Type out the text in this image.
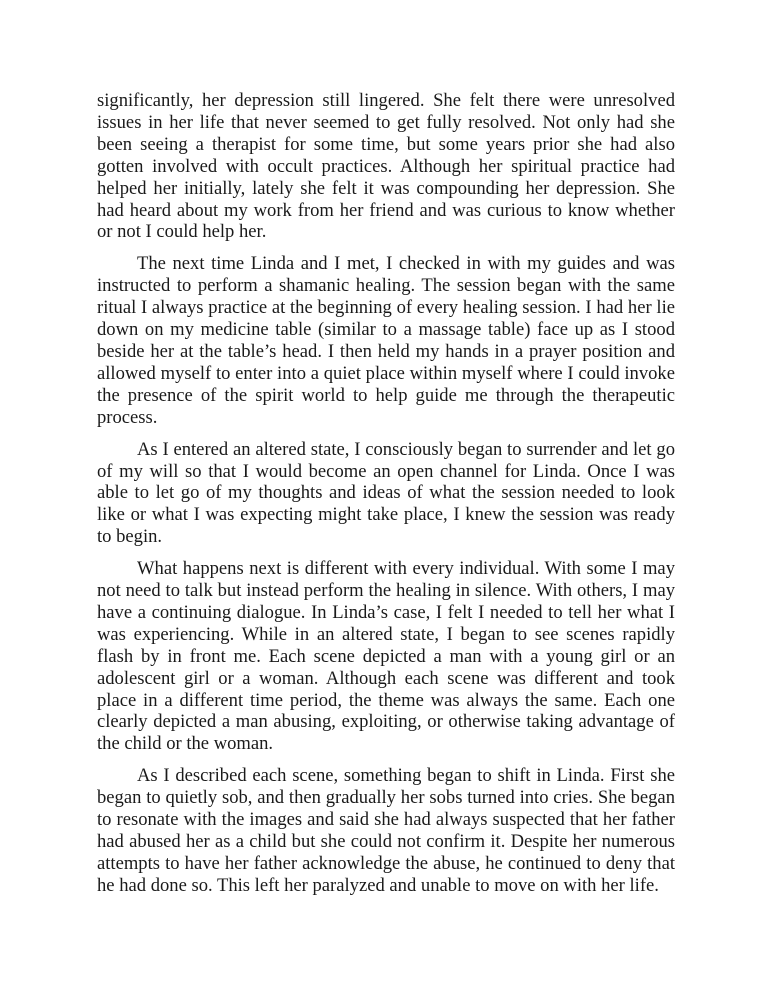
significantly, her depression still lingered. She felt there were unresolved issues in her life that never seemed to get fully resolved. Not only had she been seeing a therapist for some time, but some years prior she had also gotten involved with occult practices. Although her spiritual practice had helped her initially, lately she felt it was compounding her depression. She had heard about my work from her friend and was curious to know whether or not I could help her.

The next time Linda and I met, I checked in with my guides and was instructed to perform a shamanic healing. The session began with the same ritual I always practice at the beginning of every healing session. I had her lie down on my medicine table (similar to a massage table) face up as I stood beside her at the table’s head. I then held my hands in a prayer position and allowed myself to enter into a quiet place within myself where I could invoke the presence of the spirit world to help guide me through the therapeutic process.

As I entered an altered state, I consciously began to surrender and let go of my will so that I would become an open channel for Linda. Once I was able to let go of my thoughts and ideas of what the session needed to look like or what I was expecting might take place, I knew the session was ready to begin.

What happens next is different with every individual. With some I may not need to talk but instead perform the healing in silence. With others, I may have a continuing dialogue. In Linda’s case, I felt I needed to tell her what I was experiencing. While in an altered state, I began to see scenes rapidly flash by in front me. Each scene depicted a man with a young girl or an adolescent girl or a woman. Although each scene was different and took place in a different time period, the theme was always the same. Each one clearly depicted a man abusing, exploiting, or otherwise taking advantage of the child or the woman.

As I described each scene, something began to shift in Linda. First she began to quietly sob, and then gradually her sobs turned into cries. She began to resonate with the images and said she had always suspected that her father had abused her as a child but she could not confirm it. Despite her numerous attempts to have her father acknowledge the abuse, he continued to deny that he had done so. This left her paralyzed and unable to move on with her life.
